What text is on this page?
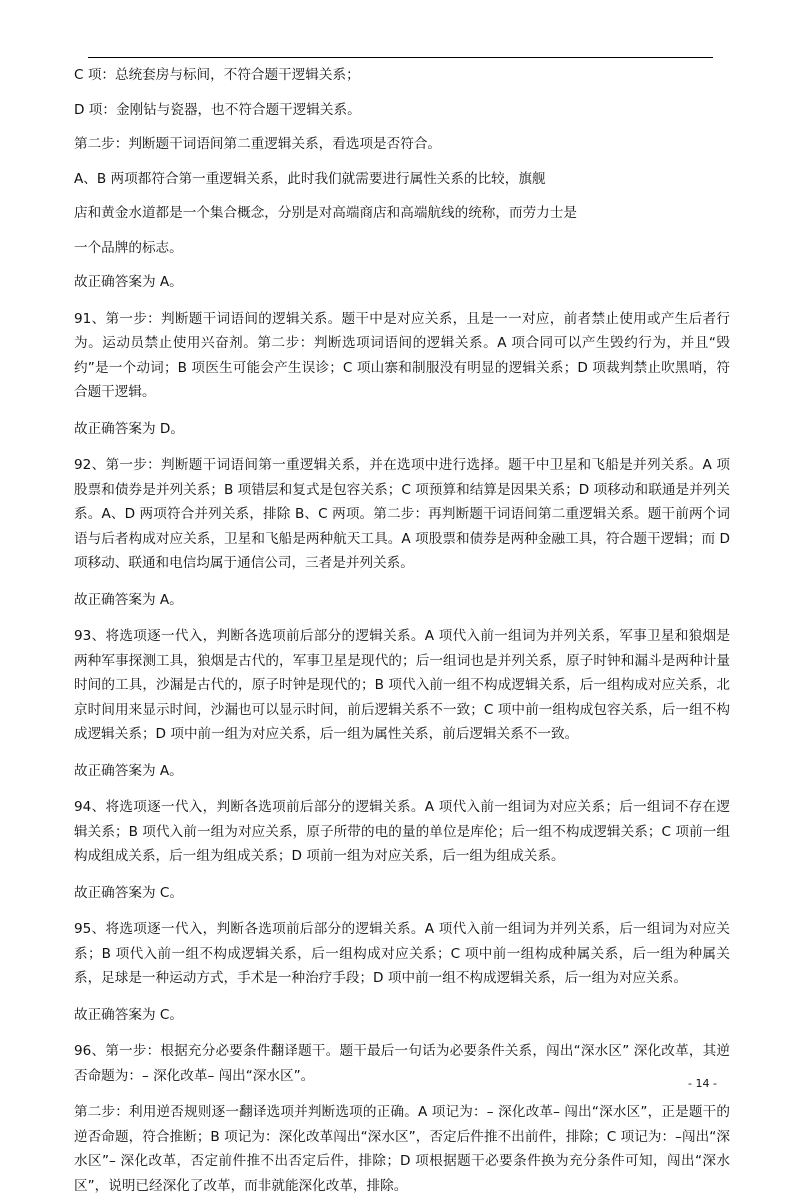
C 项：总统套房与标间，不符合题干逻辑关系；

D 项：金刚钻与瓷器，也不符合题干逻辑关系。

第二步：判断题干词语间第二重逻辑关系，看选项是否符合。

A、B 两项都符合第一重逻辑关系，此时我们就需要进行属性关系的比较，旗舰

店和黄金水道都是一个集合概念，分别是对高端商店和高端航线的统称，而劳力士是

一个品牌的标志。

故正确答案为 A。

91、第一步：判断题干词语间的逻辑关系。题干中是对应关系，且是一一对应，前者禁止使用或产生后者行为。运动员禁止使用兴奋剂。第二步：判断选项词语间的逻辑关系。A 项合同可以产生毁约行为，并且“毁约”是一个动词；B 项医生可能会产生误诊；C 项山寨和制服没有明显的逻辑关系；D 项裁判禁止吹黑哨，符合题干逻辑。

故正确答案为 D。

92、第一步：判断题干词语间第一重逻辑关系，并在选项中进行选择。题干中卫星和飞船是并列关系。A 项股票和债券是并列关系；B 项错层和复式是包容关系；C 项预算和结算是因果关系；D 项移动和联通是并列关系。A、D 两项符合并列关系，排除 B、C 两项。第二步：再判断题干词语间第二重逻辑关系。题干前两个词语与后者构成对应关系，卫星和飞船是两种航天工具。A 项股票和债券是两种金融工具，符合题干逻辑；而 D 项移动、联通和电信均属于通信公司，三者是并列关系。

故正确答案为 A。

93、将选项逐一代入，判断各选项前后部分的逻辑关系。A 项代入前一组词为并列关系，军事卫星和狼烟是两种军事探测工具，狼烟是古代的，军事卫星是现代的；后一组词也是并列关系，原子时钟和漏斗是两种计量时间的工具，沙漏是古代的，原子时钟是现代的；B 项代入前一组不构成逻辑关系，后一组构成对应关系，北京时间用来显示时间，沙漏也可以显示时间，前后逻辑关系不一致；C 项中前一组构成包容关系，后一组不构成逻辑关系；D 项中前一组为对应关系，后一组为属性关系，前后逻辑关系不一致。

故正确答案为 A。

94、将选项逐一代入，判断各选项前后部分的逻辑关系。A 项代入前一组词为对应关系；后一组词不存在逻辑关系；B 项代入前一组为对应关系，原子所带的电的量的单位是库伦；后一组不构成逻辑关系；C 项前一组构成组成关系，后一组为组成关系；D 项前一组为对应关系，后一组为组成关系。

故正确答案为 C。

95、将选项逐一代入，判断各选项前后部分的逻辑关系。A 项代入前一组词为并列关系，后一组词为对应关系；B 项代入前一组不构成逻辑关系，后一组构成对应关系；C 项中前一组构成种属关系，后一组为种属关系，足球是一种运动方式，手术是一种治疗手段；D 项中前一组不构成逻辑关系，后一组为对应关系。

故正确答案为 C。

96、第一步：根据充分必要条件翻译题干。题干最后一句话为必要条件关系，闯出“深水区” 深化改革，其逆否命题为：– 深化改革– 闯出“深水区”。

第二步：利用逆否规则逐一翻译选项并判断选项的正确。A 项记为：– 深化改革– 闯出“深水区”，正是题干的逆否命题，符合推断；B 项记为：深化改革闯出“深水区”，否定后件推不出前件，排除；C 项记为：–闯出“深水区”– 深化改革，否定前件推不出否定后件，排除；D 项根据题干必要条件换为充分条件可知，闯出“深水区”，说明已经深化了改革，而非就能深化改革，排除。

- 14 -
